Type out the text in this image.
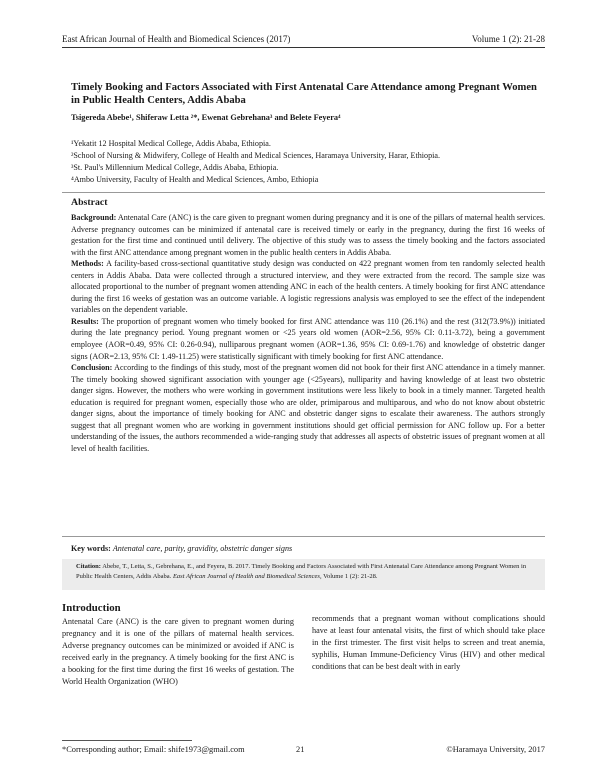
East African Journal of Health and Biomedical Sciences (2017)	Volume 1 (2): 21-28
Timely Booking and Factors Associated with First Antenatal Care Attendance among Pregnant Women in Public Health Centers, Addis Ababa
Tsigereda Abebe¹, Shiferaw Letta ²*, Ewenat Gebrehana³ and Belete Feyera⁴
¹Yekatit 12 Hospital Medical College, Addis Ababa, Ethiopia.
²School of Nursing & Midwifery, College of Health and Medical Sciences, Haramaya University, Harar, Ethiopia.
³St. Paul's Millennium Medical College, Addis Ababa, Ethiopia.
⁴Ambo University, Faculty of Health and Medical Sciences, Ambo, Ethiopia
Abstract

Background: Antenatal Care (ANC) is the care given to pregnant women during pregnancy and it is one of the pillars of maternal health services. Adverse pregnancy outcomes can be minimized if antenatal care is received timely or early in the pregnancy, during the first 16 weeks of gestation for the first time and continued until delivery. The objective of this study was to assess the timely booking and the factors associated with the first ANC attendance among pregnant women in the public health centers in Addis Ababa.

Methods: A facility-based cross-sectional quantitative study design was conducted on 422 pregnant women from ten randomly selected health centers in Addis Ababa. Data were collected through a structured interview, and they were extracted from the record. The sample size was allocated proportional to the number of pregnant women attending ANC in each of the health centers. A timely booking for first ANC attendance during the first 16 weeks of gestation was an outcome variable. A logistic regressions analysis was employed to see the effect of the independent variables on the dependent variable.

Results: The proportion of pregnant women who timely booked for first ANC attendance was 110 (26.1%) and the rest (312(73.9%)) initiated during the late pregnancy period. Young pregnant women or <25 years old women (AOR=2.56, 95% CI: 0.11-3.72), being a government employee (AOR=0.49, 95% CI: 0.26-0.94), nulliparous pregnant women (AOR=1.36, 95% CI: 0.69-1.76) and knowledge of obstetric danger signs (AOR=2.13, 95% CI: 1.49-11.25) were statistically significant with timely booking for first ANC attendance.

Conclusion: According to the findings of this study, most of the pregnant women did not book for their first ANC attendance in a timely manner. The timely booking showed significant association with younger age (<25years), nulliparity and having knowledge of at least two obstetric danger signs. However, the mothers who were working in government institutions were less likely to book in a timely manner. Targeted health education is required for pregnant women, especially those who are older, primiparous and multiparous, and who do not know about obstetric danger signs, about the importance of timely booking for ANC and obstetric danger signs to escalate their awareness. The authors strongly suggest that all pregnant women who are working in government institutions should get official permission for ANC follow up. For a better understanding of the issues, the authors recommended a wide-ranging study that addresses all aspects of obstetric issues of pregnant women at all level of health facilities.

Key words: Antenatal care, parity, gravidity, obstetric danger signs
Citation: Abebe, T., Letta, S., Gebrehana, E., and Feyera, B. 2017. Timely Booking and Factors Associated with First Antenatal Care Attendance among Pregnant Women in Public Health Centers, Addis Ababa. East African Journal of Health and Biomedical Sciences, Volume 1 (2): 21-28.
Introduction
Antenatal Care (ANC) is the care given to pregnant women during pregnancy and it is one of the pillars of maternal health services. Adverse pregnancy outcomes can be minimized or avoided if ANC is received early in the pregnancy. A timely booking for the first ANC is a booking for the first time during the first 16 weeks of gestation. The World Health Organization (WHO)
recommends that a pregnant woman without complications should have at least four antenatal visits, the first of which should take place in the first trimester. The first visit helps to screen and treat anemia, syphilis, Human Immune-Deficiency Virus (HIV) and other medical conditions that can be best dealt with in early
*Corresponding author; Email: shife1973@gmail.com	21	©Haramaya University, 2017
